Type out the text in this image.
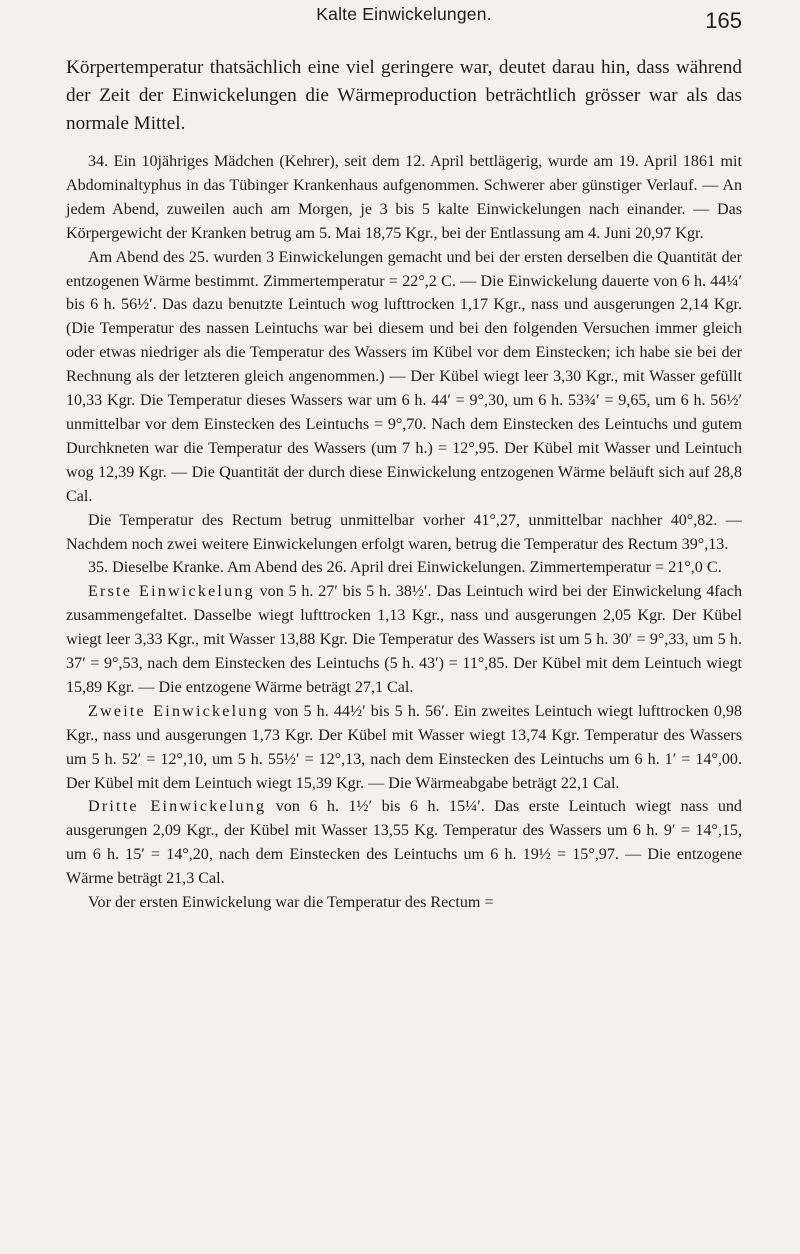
Kalte Einwickelungen.	165

Körpertemperatur thatsächlich eine viel geringere war, deutet darau hin, dass während der Zeit der Einwickelungen die Wärmeproduction beträchtlich grösser war als das normale Mittel.

34. Ein 10jähriges Mädchen (Kehrer), seit dem 12. April bettlägerig, wurde am 19. April 1861 mit Abdominaltyphus in das Tübinger Krankenhaus aufgenommen. Schwerer aber günstiger Verlauf. — An jedem Abend, zuweilen auch am Morgen, je 3 bis 5 kalte Einwickelungen nach einander. — Das Körpergewicht der Kranken betrug am 5. Mai 18,75 Kgr., bei der Entlassung am 4. Juni 20,97 Kgr.

Am Abend des 25. wurden 3 Einwickelungen gemacht und bei der ersten derselben die Quantität der entzogenen Wärme bestimmt. Zimmertemperatur = 22°,2 C. — Die Einwickelung dauerte von 6 h. 44¼′ bis 6 h. 56½′. Das dazu benutzte Leintuch wog lufttrocken 1,17 Kgr., nass und ausgerungen 2,14 Kgr. (Die Temperatur des nassen Leintuchs war bei diesem und bei den folgenden Versuchen immer gleich oder etwas niedriger als die Temperatur des Wassers im Kübel vor dem Einstecken; ich habe sie bei der Rechnung als der letzteren gleich angenommen.) — Der Kübel wiegt leer 3,30 Kgr., mit Wasser gefüllt 10,33 Kgr. Die Temperatur dieses Wassers war um 6 h. 44′ = 9°,30, um 6 h. 53¾′ = 9,65, um 6 h. 56½′ unmittelbar vor dem Einstecken des Leintuchs = 9°,70. Nach dem Einstecken des Leintuchs und gutem Durchkneten war die Temperatur des Wassers (um 7 h.) = 12°,95. Der Kübel mit Wasser und Leintuch wog 12,39 Kgr. — Die Quantität der durch diese Einwickelung entzogenen Wärme beläuft sich auf 28,8 Cal.

Die Temperatur des Rectum betrug unmittelbar vorher 41°,27, unmittelbar nachher 40°,82. — Nachdem noch zwei weitere Einwickelungen erfolgt waren, betrug die Temperatur des Rectum 39°,13.

35. Dieselbe Kranke. Am Abend des 26. April drei Einwickelungen. Zimmertemperatur = 21°,0 C.

Erste Einwickelung von 5 h. 27′ bis 5 h. 38½′. Das Leintuch wird bei der Einwickelung 4fach zusammengefaltet. Dasselbe wiegt lufttrocken 1,13 Kgr., nass und ausgerungen 2,05 Kgr. Der Kübel wiegt leer 3,33 Kgr., mit Wasser 13,88 Kgr. Die Temperatur des Wassers ist um 5 h. 30′ = 9°,33, um 5 h. 37′ = 9°,53, nach dem Einstecken des Leintuchs (5 h. 43′) = 11°,85. Der Kübel mit dem Leintuch wiegt 15,89 Kgr. — Die entzogene Wärme beträgt 27,1 Cal.

Zweite Einwickelung von 5 h. 44½′ bis 5 h. 56′. Ein zweites Leintuch wiegt lufttrocken 0,98 Kgr., nass und ausgerungen 1,73 Kgr. Der Kübel mit Wasser wiegt 13,74 Kgr. Temperatur des Wassers um 5 h. 52′ = 12°,10, um 5 h. 55½′ = 12°,13, nach dem Einstecken des Leintuchs um 6 h. 1′ = 14°,00. Der Kübel mit dem Leintuch wiegt 15,39 Kgr. — Die Wärmeabgabe beträgt 22,1 Cal.

Dritte Einwickelung von 6 h. 1½′ bis 6 h. 15¼′. Das erste Leintuch wiegt nass und ausgerungen 2,09 Kgr., der Kübel mit Wasser 13,55 Kg. Temperatur des Wassers um 6 h. 9′ = 14°,15, um 6 h. 15′ = 14°,20, nach dem Einstecken des Leintuchs um 6 h. 19½ = 15°,97. — Die entzogene Wärme beträgt 21,3 Cal.

Vor der ersten Einwickelung war die Temperatur des Rectum =
